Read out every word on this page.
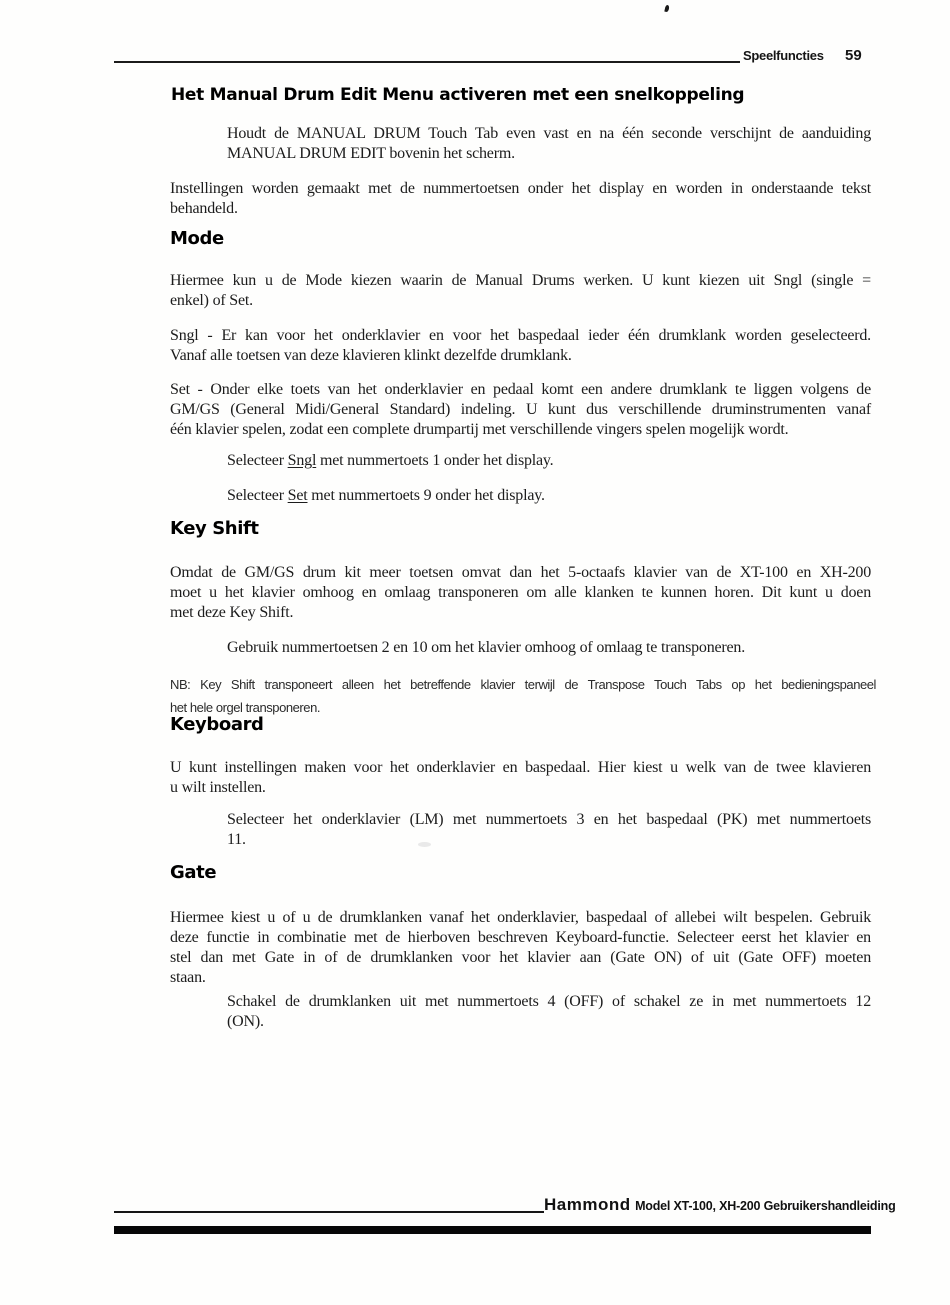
Speelfuncties 59
Het Manual Drum Edit Menu activeren met een snelkoppeling
Houdt de MANUAL DRUM Touch Tab even vast en na één seconde verschijnt de aanduiding
MANUAL DRUM EDIT bovenin het scherm.
Instellingen worden gemaakt met de nummertoetsen onder het display en worden in onderstaande tekst
behandeld.
Mode
Hiermee kun u de Mode kiezen waarin de Manual Drums werken. U kunt kiezen uit Sngl (single =
enkel) of Set.
Sngl - Er kan voor het onderklavier en voor het baspedaal ieder één drumklank worden geselecteerd.
Vanaf alle toetsen van deze klavieren klinkt dezelfde drumklank.
Set - Onder elke toets van het onderklavier en pedaal komt een andere drumklank te liggen volgens de
GM/GS (General Midi/General Standard) indeling. U kunt dus verschillende druminstrumenten vanaf
één klavier spelen, zodat een complete drumpartij met verschillende vingers spelen mogelijk wordt.
Selecteer Sngl met nummertoets 1 onder het display.
Selecteer Set met nummertoets 9 onder het display.
Key Shift
Omdat de GM/GS drum kit meer toetsen omvat dan het 5-octaafs klavier van de XT-100 en XH-200
moet u het klavier omhoog en omlaag transponeren om alle klanken te kunnen horen. Dit kunt u doen
met deze Key Shift.
Gebruik nummertoetsen 2 en 10 om het klavier omhoog of omlaag te transponeren.
NB: Key Shift transponeert alleen het betreffende klavier terwijl de Transpose Touch Tabs op het bedieningspaneel
het hele orgel transponeren.
Keyboard
U kunt instellingen maken voor het onderklavier en baspedaal. Hier kiest u welk van de twee klavieren
u wilt instellen.
Selecteer het onderklavier (LM) met nummertoets 3 en het baspedaal (PK) met nummertoets
11.
Gate
Hiermee kiest u of u de drumklanken vanaf het onderklavier, baspedaal of allebei wilt bespelen. Gebruik
deze functie in combinatie met de hierboven beschreven Keyboard-functie. Selecteer eerst het klavier en
stel dan met Gate in of de drumklanken voor het klavier aan (Gate ON) of uit (Gate OFF) moeten
staan.
Schakel de drumklanken uit met nummertoets 4 (OFF) of schakel ze in met nummertoets 12
(ON).
Hammond Model XT-100, XH-200 Gebruikershandleiding
